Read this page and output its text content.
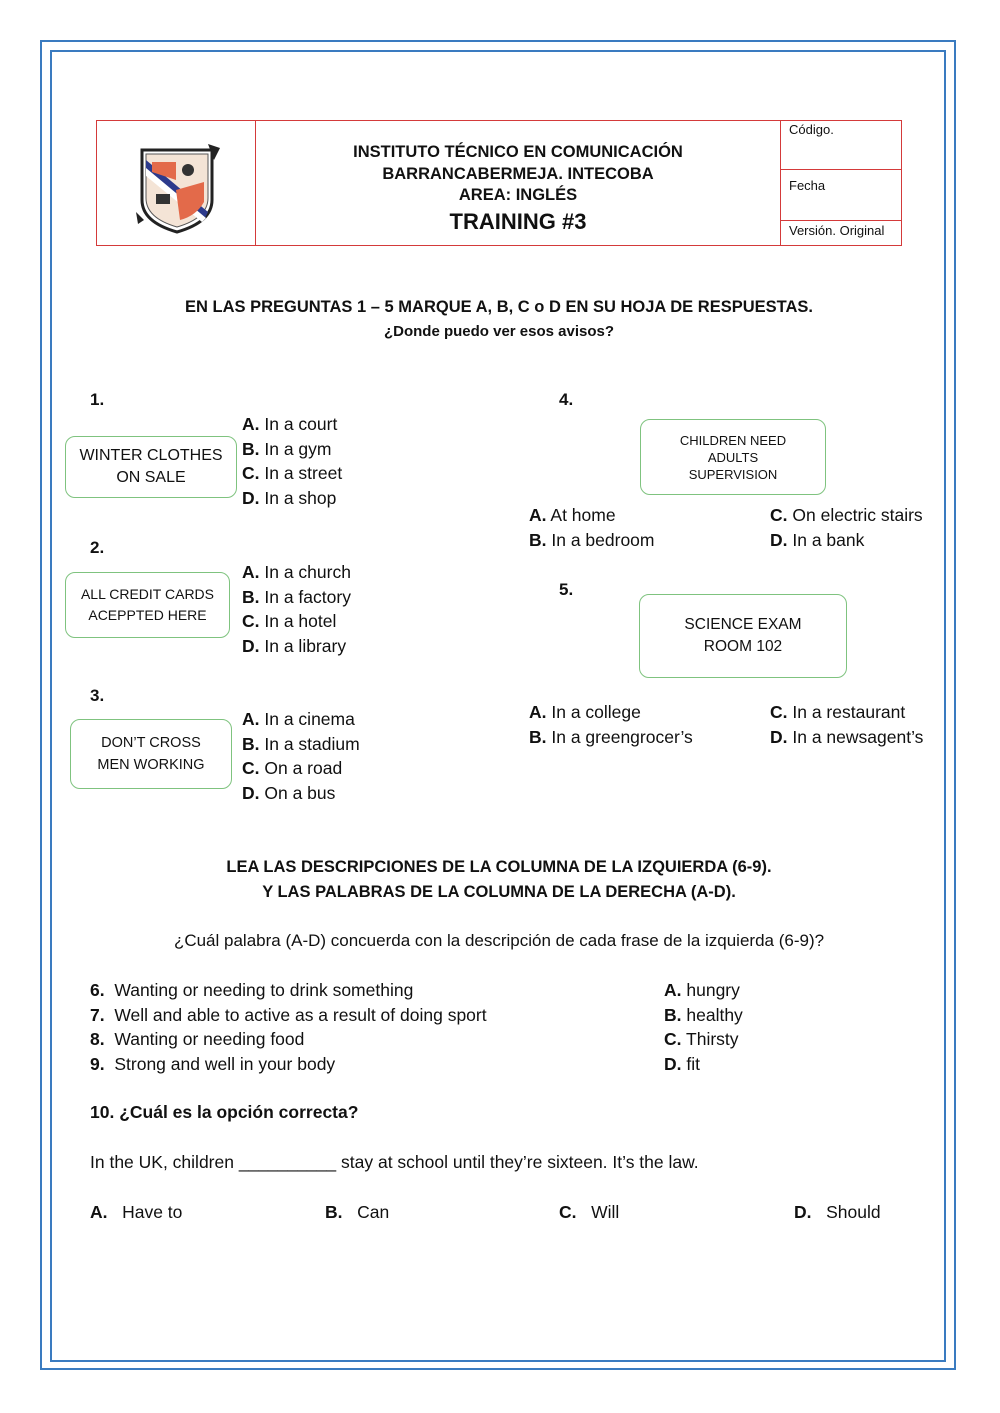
INSTITUTO TÉCNICO EN COMUNICACIÓN
BARRANCABERMEJA. INTECOBA
AREA: INGLÉS
TRAINING #3
Código.
Fecha
Versión. Original
EN LAS PREGUNTAS 1 – 5 MARQUE A, B, C o D EN SU HOJA DE RESPUESTAS.
¿Donde puedo ver esos avisos?
1.
WINTER CLOTHES
ON SALE
A. In a court
B. In a gym
C. In a street
D. In a shop
2.
ALL CREDIT CARDS
ACEPPTED HERE
A. In a church
B. In a factory
C. In a hotel
D. In a library
3.
DON’T CROSS
MEN WORKING
A. In a cinema
B. In a stadium
C. On a road
D. On a bus
4.
CHILDREN NEED
ADULTS
SUPERVISION
A. At home
B. In a bedroom
C. On electric stairs
D. In a bank
5.
SCIENCE EXAM
ROOM 102
A. In a college
B. In a greengrocer’s
C. In a restaurant
D. In a newsagent’s
LEA LAS DESCRIPCIONES DE LA COLUMNA DE LA IZQUIERDA (6-9).
Y LAS PALABRAS DE LA COLUMNA DE LA DERECHA (A-D).
¿Cuál palabra (A-D) concuerda con la descripción de cada frase de la izquierda (6-9)?
6. Wanting or needing to drink something
7. Well and able to active as a result of doing sport
8. Wanting or needing food
9. Strong and well in your body
A. hungry
B. healthy
C. Thirsty
D. fit
10. ¿Cuál es la opción correcta?
In the UK, children __________ stay at school until they’re sixteen. It’s the law.
A. Have to	B. Can	C. Will	D. Should
